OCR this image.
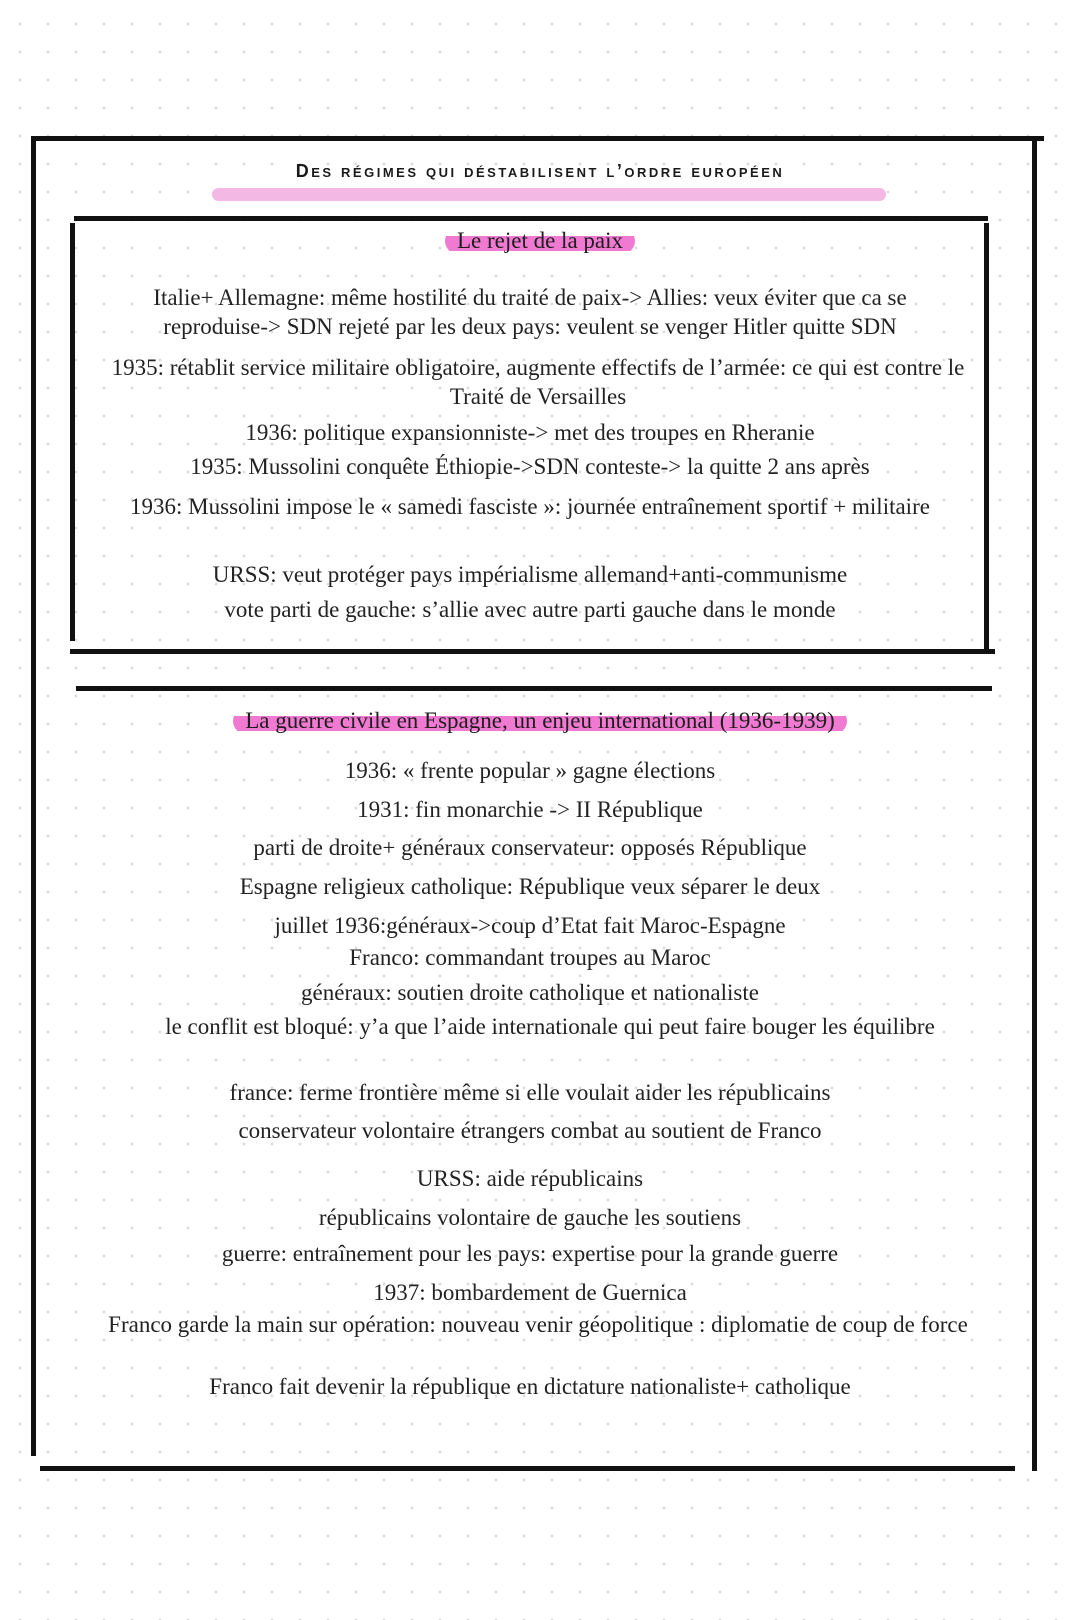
Des régimes qui déstabilisent l’ordre européen
Le rejet de la paix
Italie+ Allemagne: même hostilité du traité de paix-> Allies: veux éviter que ca se reproduise-> SDN rejeté par les deux pays: veulent se venger Hitler quitte SDN
1935: rétablit service militaire obligatoire, augmente effectifs de l’armée: ce qui est contre le Traité de Versailles
1936: politique expansionniste-> met des troupes en Rheranie
1935: Mussolini conquête Éthiopie->SDN conteste-> la quitte 2 ans après
1936: Mussolini impose le « samedi fasciste »: journée entraînement sportif + militaire
URSS: veut protéger pays impérialisme allemand+anti-communisme
vote parti de gauche: s’allie avec autre parti gauche dans le monde
La guerre civile en Espagne, un enjeu international (1936-1939)
1936: « frente popular » gagne élections
1931: fin monarchie -> II République
parti de droite+ généraux conservateur: opposés République
Espagne religieux catholique: République veux séparer le deux
juillet 1936:généraux->coup d’Etat fait Maroc-Espagne
Franco: commandant troupes au Maroc
généraux: soutien droite catholique et nationaliste
le conflit est bloqué: y’a que l’aide internationale qui peut faire bouger les équilibre
france: ferme frontière même si elle voulait aider les républicains
conservateur volontaire étrangers combat au soutient de Franco
URSS: aide républicains
républicains volontaire de gauche les soutiens
guerre: entraînement pour les pays: expertise pour la grande guerre
1937: bombardement de Guernica
Franco garde la main sur opération: nouveau venir géopolitique : diplomatie de coup de force
Franco fait devenir la république en dictature nationaliste+ catholique
